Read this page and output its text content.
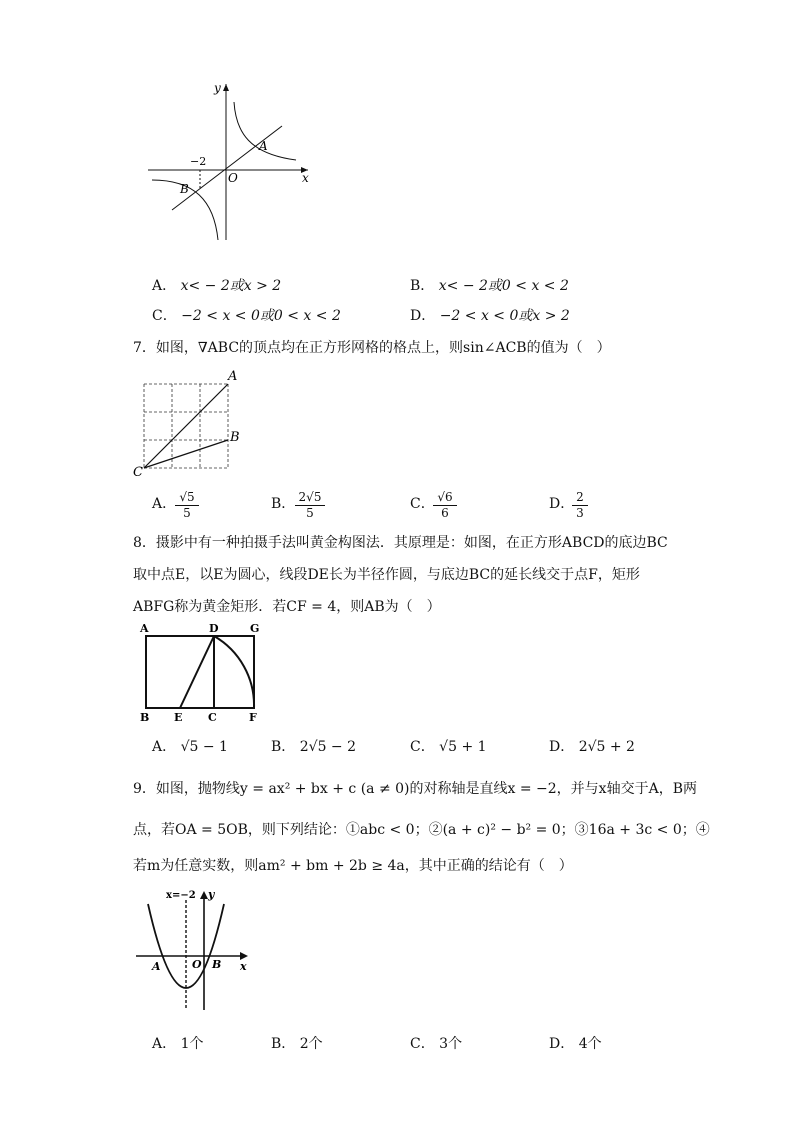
y
x
O
−2
A
B
A． x< − 2或x > 2	B． x< − 2或0 < x < 2
C． −2 < x < 0或0 < x < 2	D． −2 < x < 0或x > 2
7．如图，∇ABC的顶点均在正方形网格的格点上，则sin∠ACB的值为（　）
A
B
C
A．
$\frac{√5}{5}$	B． $\frac{2√5}{5}$	C．
$\frac{√6}{6}$	D．
$\frac{2}{3}$
8．摄影中有一种拍摄手法叫黄金构图法．其原理是：如图，在正方形ABCD的底边BC
取中点E，以E为圆心，线段DE长为半径作圆，与底边BC的延长线交于点F，矩形
ABFG称为黄金矩形．若CF = 4，则AB为（　）
A	D	G
B E C	F
A． √5 − 1	B． 2√5 − 2	C． √5 + 1	D． 2√5 + 2
9．如图，抛物线y = ax² + bx + c (a ≠ 0)的对称轴是直线x = −2，并与x轴交于A，B两
点，若OA = 5OB，则下列结论：①abc < 0；②(a + c)² − b² = 0；③16a + 3c < 0；④
若m为任意实数，则am² + bm + 2b ≥ 4a，其中正确的结论有（　）
x=−2 y
x
A	O B
A． 1个	B． 2个	C． 3个	D． 4个
